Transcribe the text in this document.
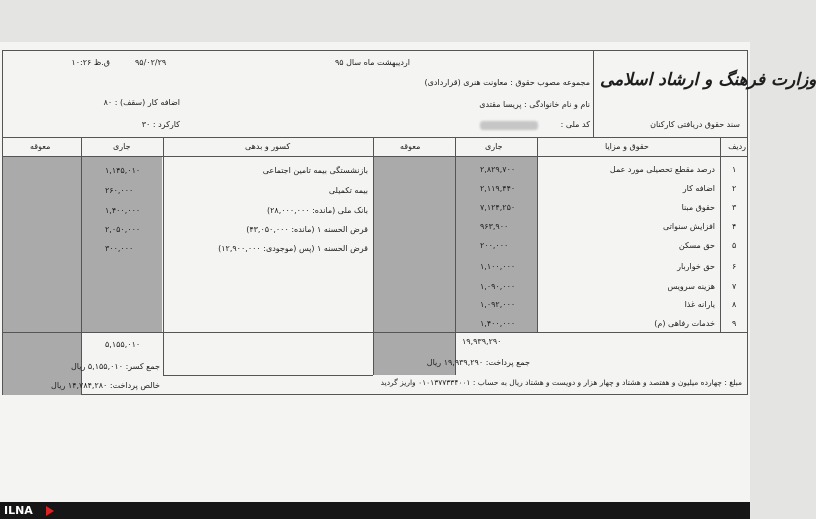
وزارت فرهنگ و ارشاد اسلامی
سند حقوق دریافتی کارکنان
اردیبهشت ماه سال ۹۵
۹۵/۰۲/۲۹
ق.ظ ۱۰:۲۶
مجموعه مصوب حقوق : معاونت هنری (قراردادی)
نام و نام خانوادگی : پریسا مقتدی
کد ملی :
اضافه کار (سقف) : ۸۰
کارکرد : ۳۰
ردیف
حقوق و مزایا
جاری
معوقه
کسور و بدهی
جاری
معوقه
۱
درصد مقطع تحصیلی مورد عمل
۲,۸۲۹,۷۰۰
۲
اضافه کار
۲,۱۱۹,۴۴۰
۳
حقوق مبنا
۷,۱۲۴,۲۵۰
۴
افزایش سنواتی
۹۶۳,۹۰۰
۵
حق مسکن
۲۰۰,۰۰۰
۶
حق خواربار
۱,۱۰۰,۰۰۰
۷
هزینه سرویس
۱,۰۹۰,۰۰۰
۸
یارانه غذا
۱,۰۹۲,۰۰۰
۹
خدمات رفاهی (م)
۱,۴۰۰,۰۰۰
بازنشستگی بیمه تامین اجتماعی
۱,۱۴۵,۰۱۰
بیمه تکمیلی
۲۶۰,۰۰۰
بانک ملی (مانده: ۲۸,۰۰۰,۰۰۰)
۱,۴۰۰,۰۰۰
قرض الحسنه ۱ (مانده: ۴۳,۰۵۰,۰۰۰)
۲,۰۵۰,۰۰۰
قرض الحسنه ۱ (پس (موجودی: ۱۲,۹۰۰,۰۰۰)
۳۰۰,۰۰۰
۱۹,۹۳۹,۲۹۰
جمع پرداخت: ۱۹,۹۳۹,۲۹۰ ریال
۵,۱۵۵,۰۱۰
جمع کسر: ۵,۱۵۵,۰۱۰ ریال
خالص پرداخت: ۱۴,۷۸۴,۲۸۰ ریال	مبلغ : چهارده میلیون و هفتصد و هشتاد و چهار هزار و دویست و هشتاد ریال به حساب : ۰۱۰۱۳۷۷۳۳۴۰۰۱ واریز گردید
ILNA
